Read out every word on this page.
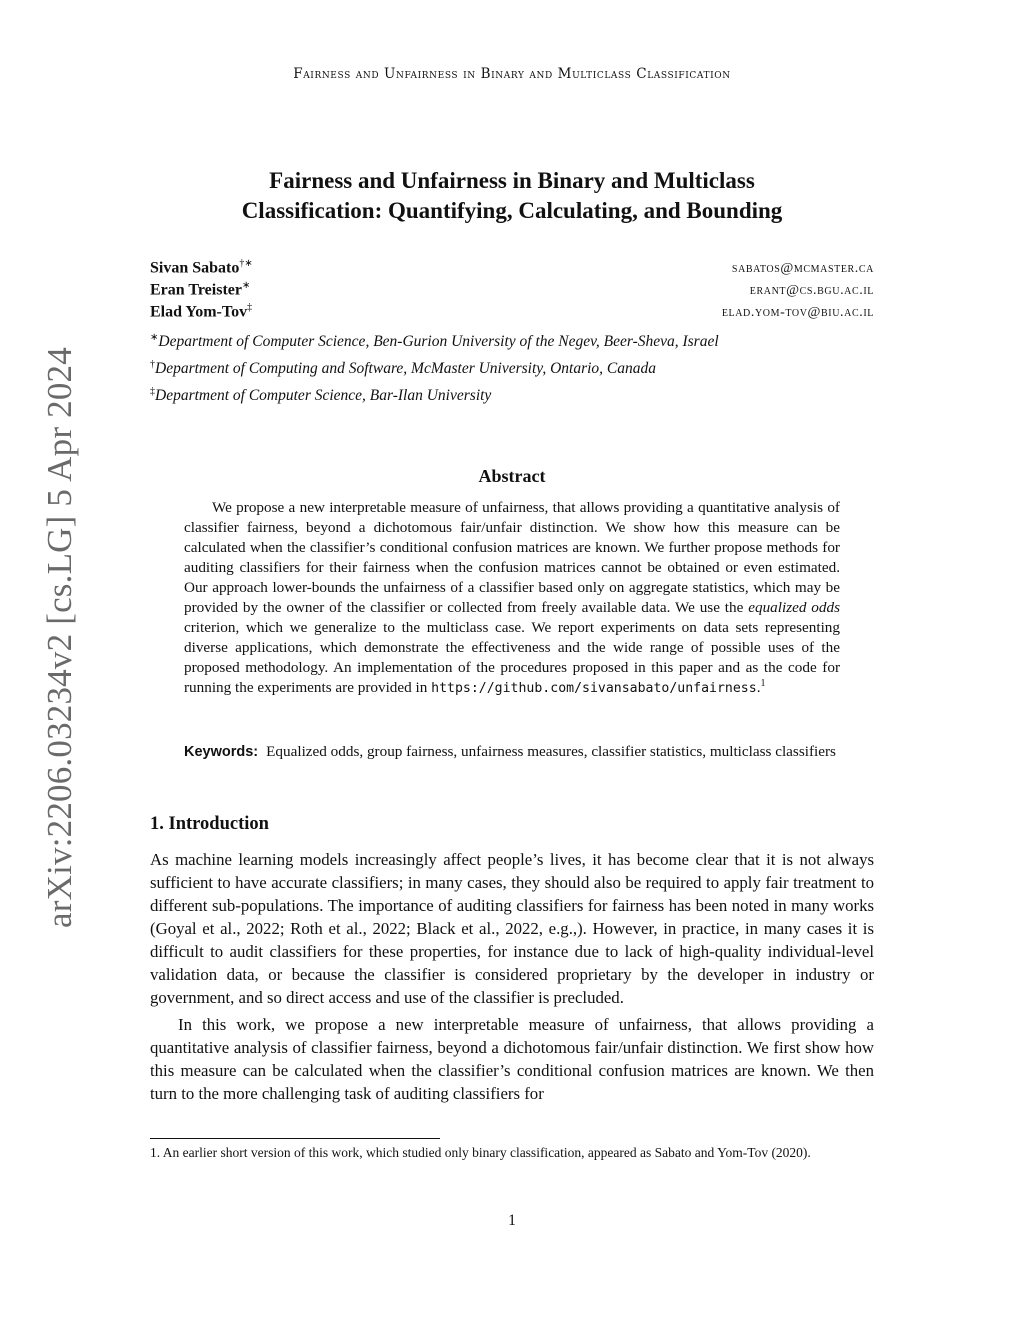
Fairness and Unfairness in Binary and Multiclass Classification
arXiv:2206.03234v2 [cs.LG] 5 Apr 2024
Fairness and Unfairness in Binary and Multiclass
Classification: Quantifying, Calculating, and Bounding
Sivan Sabato†∗	sabatos@mcmaster.ca
Eran Treister∗	erant@cs.bgu.ac.il
Elad Yom-Tov‡	elad.yom-tov@biu.ac.il
∗Department of Computer Science, Ben-Gurion University of the Negev, Beer-Sheva, Israel
†Department of Computing and Software, McMaster University, Ontario, Canada
‡Department of Computer Science, Bar-Ilan University
Abstract

We propose a new interpretable measure of unfairness, that allows providing a quantitative analysis of classifier fairness, beyond a dichotomous fair/unfair distinction. We show how this measure can be calculated when the classifier’s conditional confusion matrices are known. We further propose methods for auditing classifiers for their fairness when the confusion matrices cannot be obtained or even estimated. Our approach lower-bounds the unfairness of a classifier based only on aggregate statistics, which may be provided by the owner of the classifier or collected from freely available data. We use the equalized odds criterion, which we generalize to the multiclass case. We report experiments on data sets representing diverse applications, which demonstrate the effectiveness and the wide range of possible uses of the proposed methodology. An implementation of the procedures proposed in this paper and as the code for running the experiments are provided in https://github.com/sivansabato/unfairness.$^1$

Keywords: Equalized odds, group fairness, unfairness measures, classifier statistics, multiclass classifiers

1. Introduction

As machine learning models increasingly affect people’s lives, it has become clear that it is not always sufficient to have accurate classifiers; in many cases, they should also be required to apply fair treatment to different sub-populations. The importance of auditing classifiers for fairness has been noted in many works (Goyal et al., 2022; Roth et al., 2022; Black et al., 2022, e.g.,). However, in practice, in many cases it is difficult to audit classifiers for these properties, for instance due to lack of high-quality individual-level validation data, or because the classifier is considered proprietary by the developer in industry or government, and so direct access and use of the classifier is precluded.

In this work, we propose a new interpretable measure of unfairness, that allows providing a quantitative analysis of classifier fairness, beyond a dichotomous fair/unfair distinction. We first show how this measure can be calculated when the classifier’s conditional confusion matrices are known. We then turn to the more challenging task of auditing classifiers for

1. An earlier short version of this work, which studied only binary classification, appeared as Sabato and Yom-Tov (2020).

1
